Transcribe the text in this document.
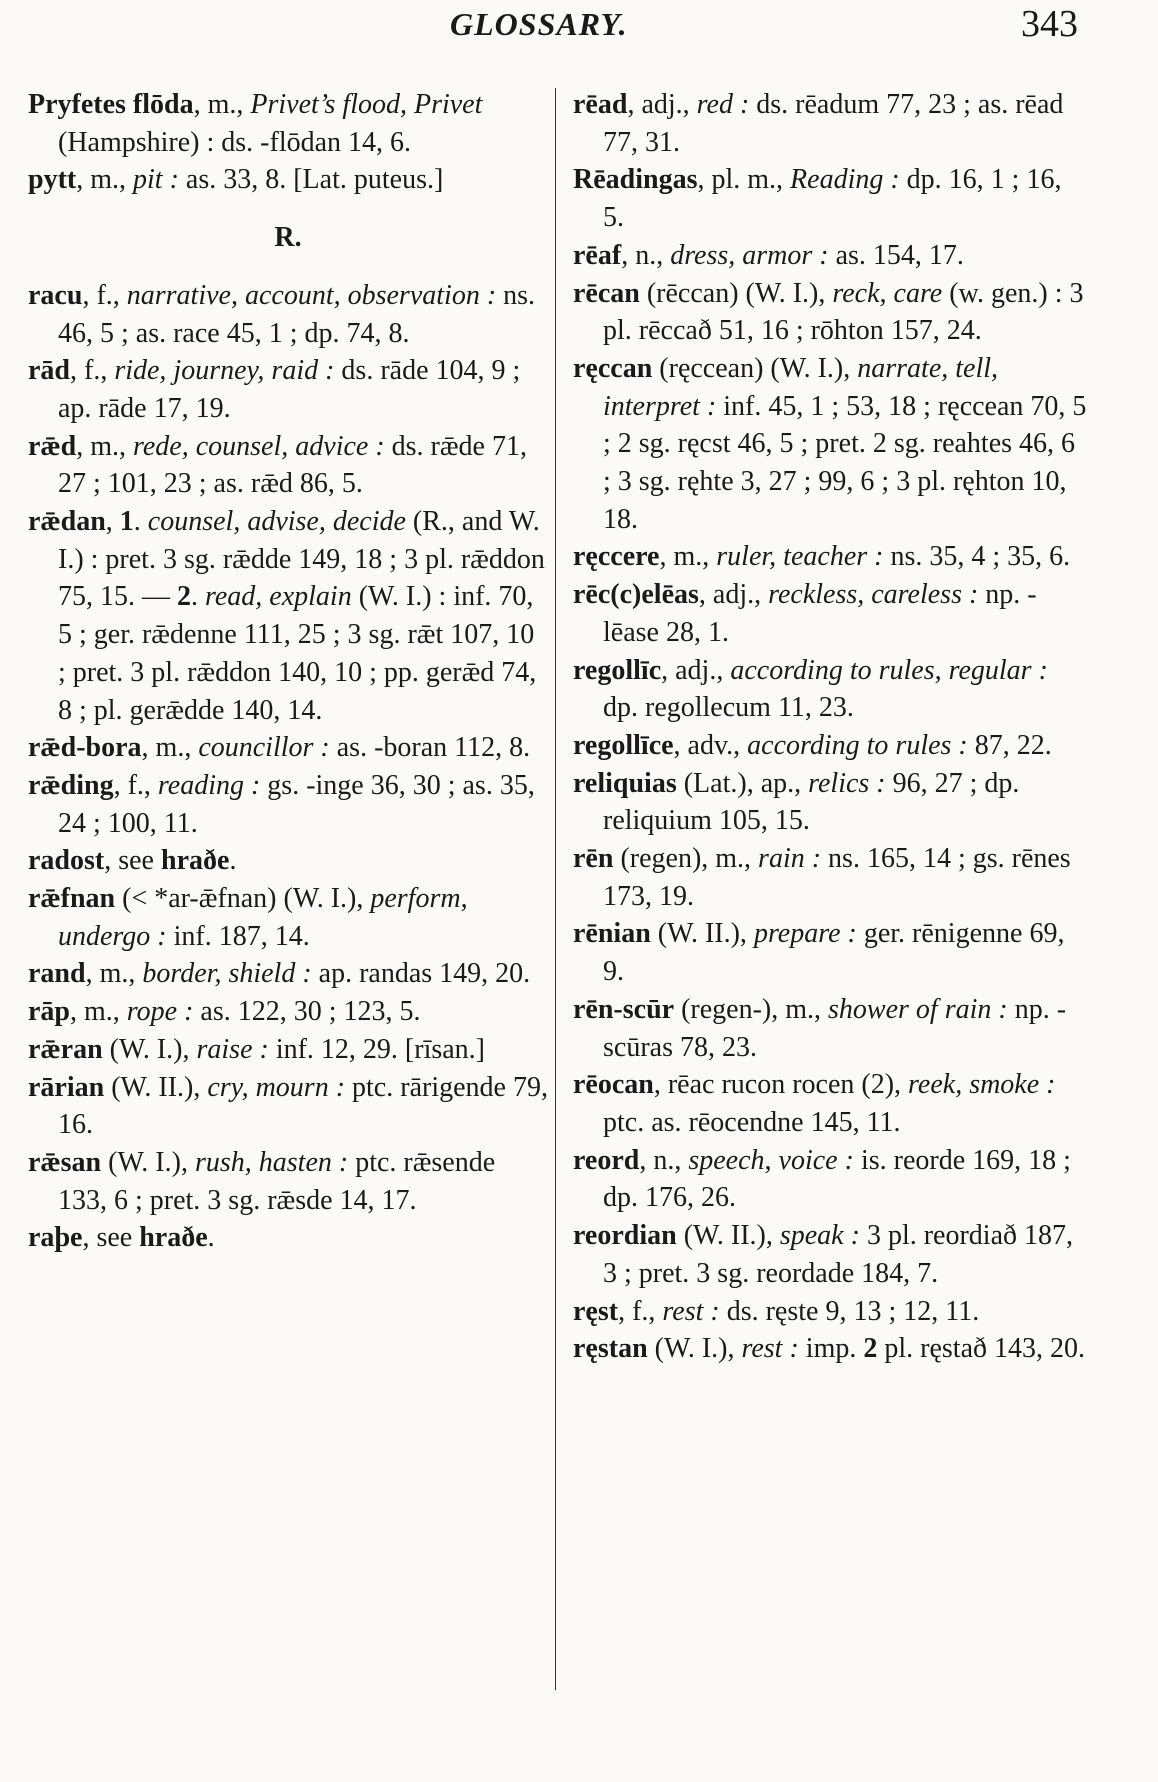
GLOSSARY.	343

Pryfetes flōda, m., Privet’s flood, Privet (Hampshire) : ds. -flōdan 14, 6.

pytt, m., pit : as. 33, 8. [Lat. puteus.]

R.

racu, f., narrative, account, observation : ns. 46, 5 ; as. race 45, 1 ; dp. 74, 8.

rād, f., ride, journey, raid : ds. rāde 104, 9 ; ap. rāde 17, 19.

rǣd, m., rede, counsel, advice : ds. rǣde 71, 27 ; 101, 23 ; as. rǣd 86, 5.

rǣdan, 1. counsel, advise, decide (R., and W. I.) : pret. 3 sg. rǣdde 149, 18 ; 3 pl. rǣddon 75, 15. — 2. read, explain (W. I.) : inf. 70, 5 ; ger. rǣdenne 111, 25 ; 3 sg. rǣt 107, 10 ; pret. 3 pl. rǣddon 140, 10 ; pp. gerǣd 74, 8 ; pl. gerǣdde 140, 14.

rǣd-bora, m., councillor : as. -boran 112, 8.

rǣding, f., reading : gs. -inge 36, 30 ; as. 35, 24 ; 100, 11.

radost, see hraðe.

rǣfnan (< *ar-ǣfnan) (W. I.), perform, undergo : inf. 187, 14.

rand, m., border, shield : ap. randas 149, 20.

rāp, m., rope : as. 122, 30 ; 123, 5.

rǣran (W. I.), raise : inf. 12, 29. [rīsan.]

rārian (W. II.), cry, mourn : ptc. rārigende 79, 16.

rǣsan (W. I.), rush, hasten : ptc. rǣsende 133, 6 ; pret. 3 sg. rǣsde 14, 17.

raþe, see hraðe.

rēad, adj., red : ds. rēadum 77, 23 ; as. rēad 77, 31.

Rēadingas, pl. m., Reading : dp. 16, 1 ; 16, 5.

rēaf, n., dress, armor : as. 154, 17.

rēcan (rēccan) (W. I.), reck, care (w. gen.) : 3 pl. rēccað 51, 16 ; rōhton 157, 24.

ręccan (ręccean) (W. I.), narrate, tell, interpret : inf. 45, 1 ; 53, 18 ; ręccean 70, 5 ; 2 sg. ręcst 46, 5 ; pret. 2 sg. reahtes 46, 6 ; 3 sg. ręhte 3, 27 ; 99, 6 ; 3 pl. ręhton 10, 18.

ręccere, m., ruler, teacher : ns. 35, 4 ; 35, 6.

rēc(c)elēas, adj., reckless, careless : np. -lēase 28, 1.

regollīc, adj., according to rules, regular : dp. regollecum 11, 23.

regollīce, adv., according to rules : 87, 22.

reliquias (Lat.), ap., relics : 96, 27 ; dp. reliquium 105, 15.

rēn (regen), m., rain : ns. 165, 14 ; gs. rēnes 173, 19.

rēnian (W. II.), prepare : ger. rēnigenne 69, 9.

rēn-scūr (regen-), m., shower of rain : np. -scūras 78, 23.

rēocan, rēac rucon rocen (2), reek, smoke : ptc. as. rēocendne 145, 11.

reord, n., speech, voice : is. reorde 169, 18 ; dp. 176, 26.

reordian (W. II.), speak : 3 pl. reordiað 187, 3 ; pret. 3 sg. reordade 184, 7.

ręst, f., rest : ds. ręste 9, 13 ; 12, 11.

ręstan (W. I.), rest : imp. 2 pl. ręstað 143, 20.
